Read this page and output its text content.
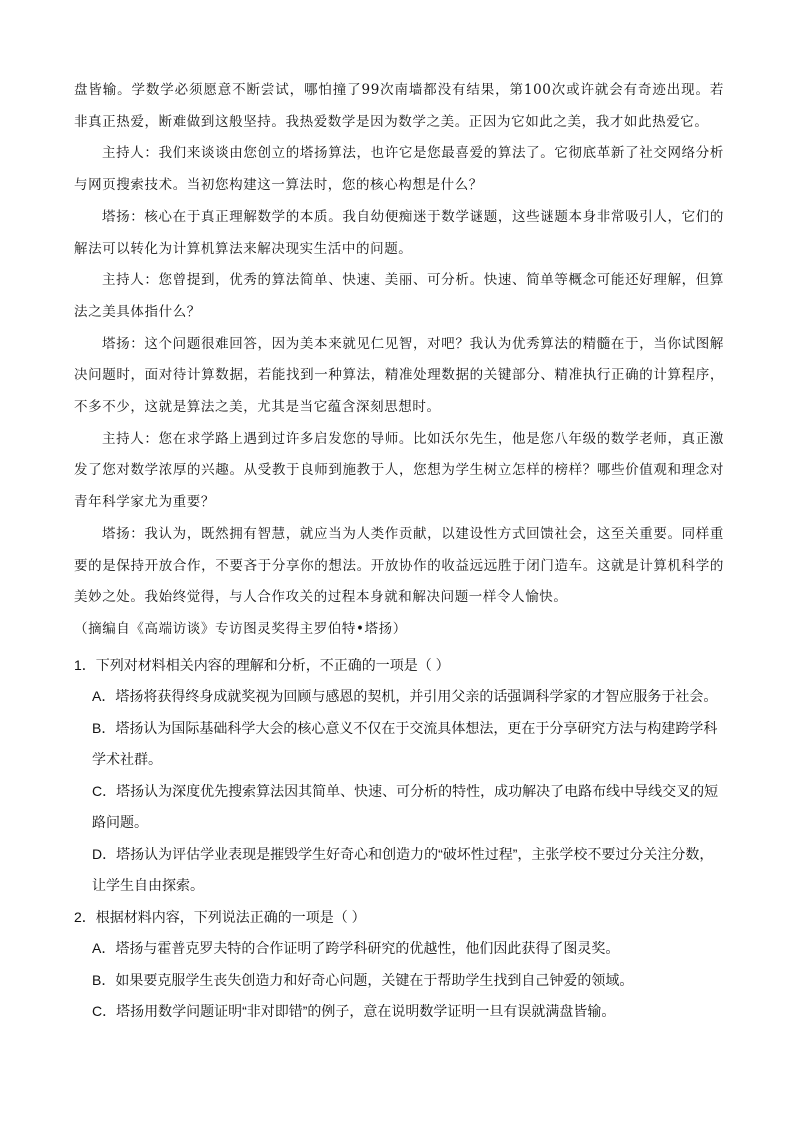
盘皆输。学数学必须愿意不断尝试，哪怕撞了99次南墙都没有结果，第100次或许就会有奇迹出现。若非真正热爱，断难做到这般坚持。我热爱数学是因为数学之美。正因为它如此之美，我才如此热爱它。

主持人：我们来谈谈由您创立的塔扬算法，也许它是您最喜爱的算法了。它彻底革新了社交网络分析与网页搜索技术。当初您构建这一算法时，您的核心构想是什么？

塔扬：核心在于真正理解数学的本质。我自幼便痴迷于数学谜题，这些谜题本身非常吸引人，它们的解法可以转化为计算机算法来解决现实生活中的问题。

主持人：您曾提到，优秀的算法简单、快速、美丽、可分析。快速、简单等概念可能还好理解，但算法之美具体指什么？

塔扬：这个问题很难回答，因为美本来就见仁见智，对吧？我认为优秀算法的精髓在于，当你试图解决问题时，面对待计算数据，若能找到一种算法，精准处理数据的关键部分、精准执行正确的计算程序，不多不少，这就是算法之美，尤其是当它蕴含深刻思想时。

主持人：您在求学路上遇到过许多启发您的导师。比如沃尔先生，他是您八年级的数学老师，真正激发了您对数学浓厚的兴趣。从受教于良师到施教于人，您想为学生树立怎样的榜样？哪些价值观和理念对青年科学家尤为重要？

塔扬：我认为，既然拥有智慧，就应当为人类作贡献，以建设性方式回馈社会，这至关重要。同样重要的是保持开放合作，不要吝于分享你的想法。开放协作的收益远远胜于闭门造车。这就是计算机科学的美妙之处。我始终觉得，与人合作攻关的过程本身就和解决问题一样令人愉快。

（摘编自《高端访谈》专访图灵奖得主罗伯特•塔扬）

1．下列对材料相关内容的理解和分析，不正确的一项是（ ）

A．塔扬将获得终身成就奖视为回顾与感恩的契机，并引用父亲的话强调科学家的才智应服务于社会。

B．塔扬认为国际基础科学大会的核心意义不仅在于交流具体想法，更在于分享研究方法与构建跨学科
学术社群。

C．塔扬认为深度优先搜索算法因其简单、快速、可分析的特性，成功解决了电路布线中导线交叉的短
路问题。

D．塔扬认为评估学业表现是摧毁学生好奇心和创造力的“破坏性过程”，主张学校不要过分关注分数，
让学生自由探索。

2．根据材料内容，下列说法正确的一项是（ ）

A．塔扬与霍普克罗夫特的合作证明了跨学科研究的优越性，他们因此获得了图灵奖。

B．如果要克服学生丧失创造力和好奇心问题，关键在于帮助学生找到自己钟爱的领域。

C．塔扬用数学问题证明“非对即错”的例子，意在说明数学证明一旦有误就满盘皆输。
